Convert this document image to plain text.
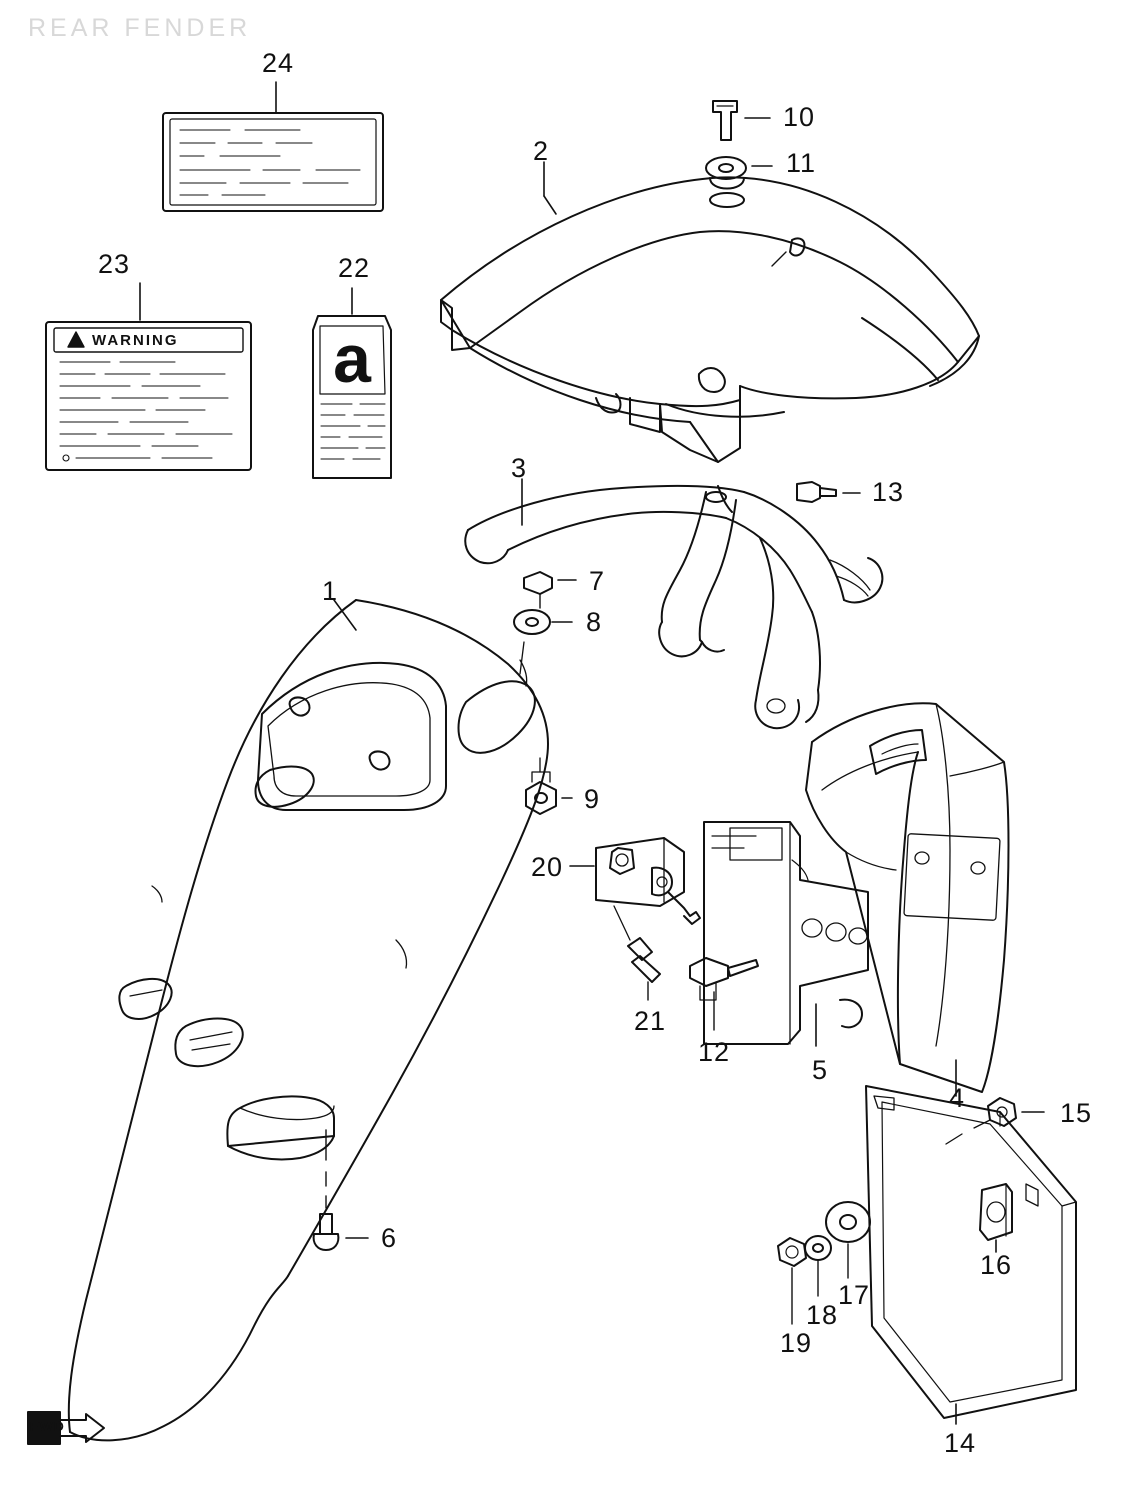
REAR FENDER
a
1
2
3
4
5
6
7
8
9
10
11
12
13
14
15
16
17
18
19
20
21
22
23
24
WARNING
FWD
